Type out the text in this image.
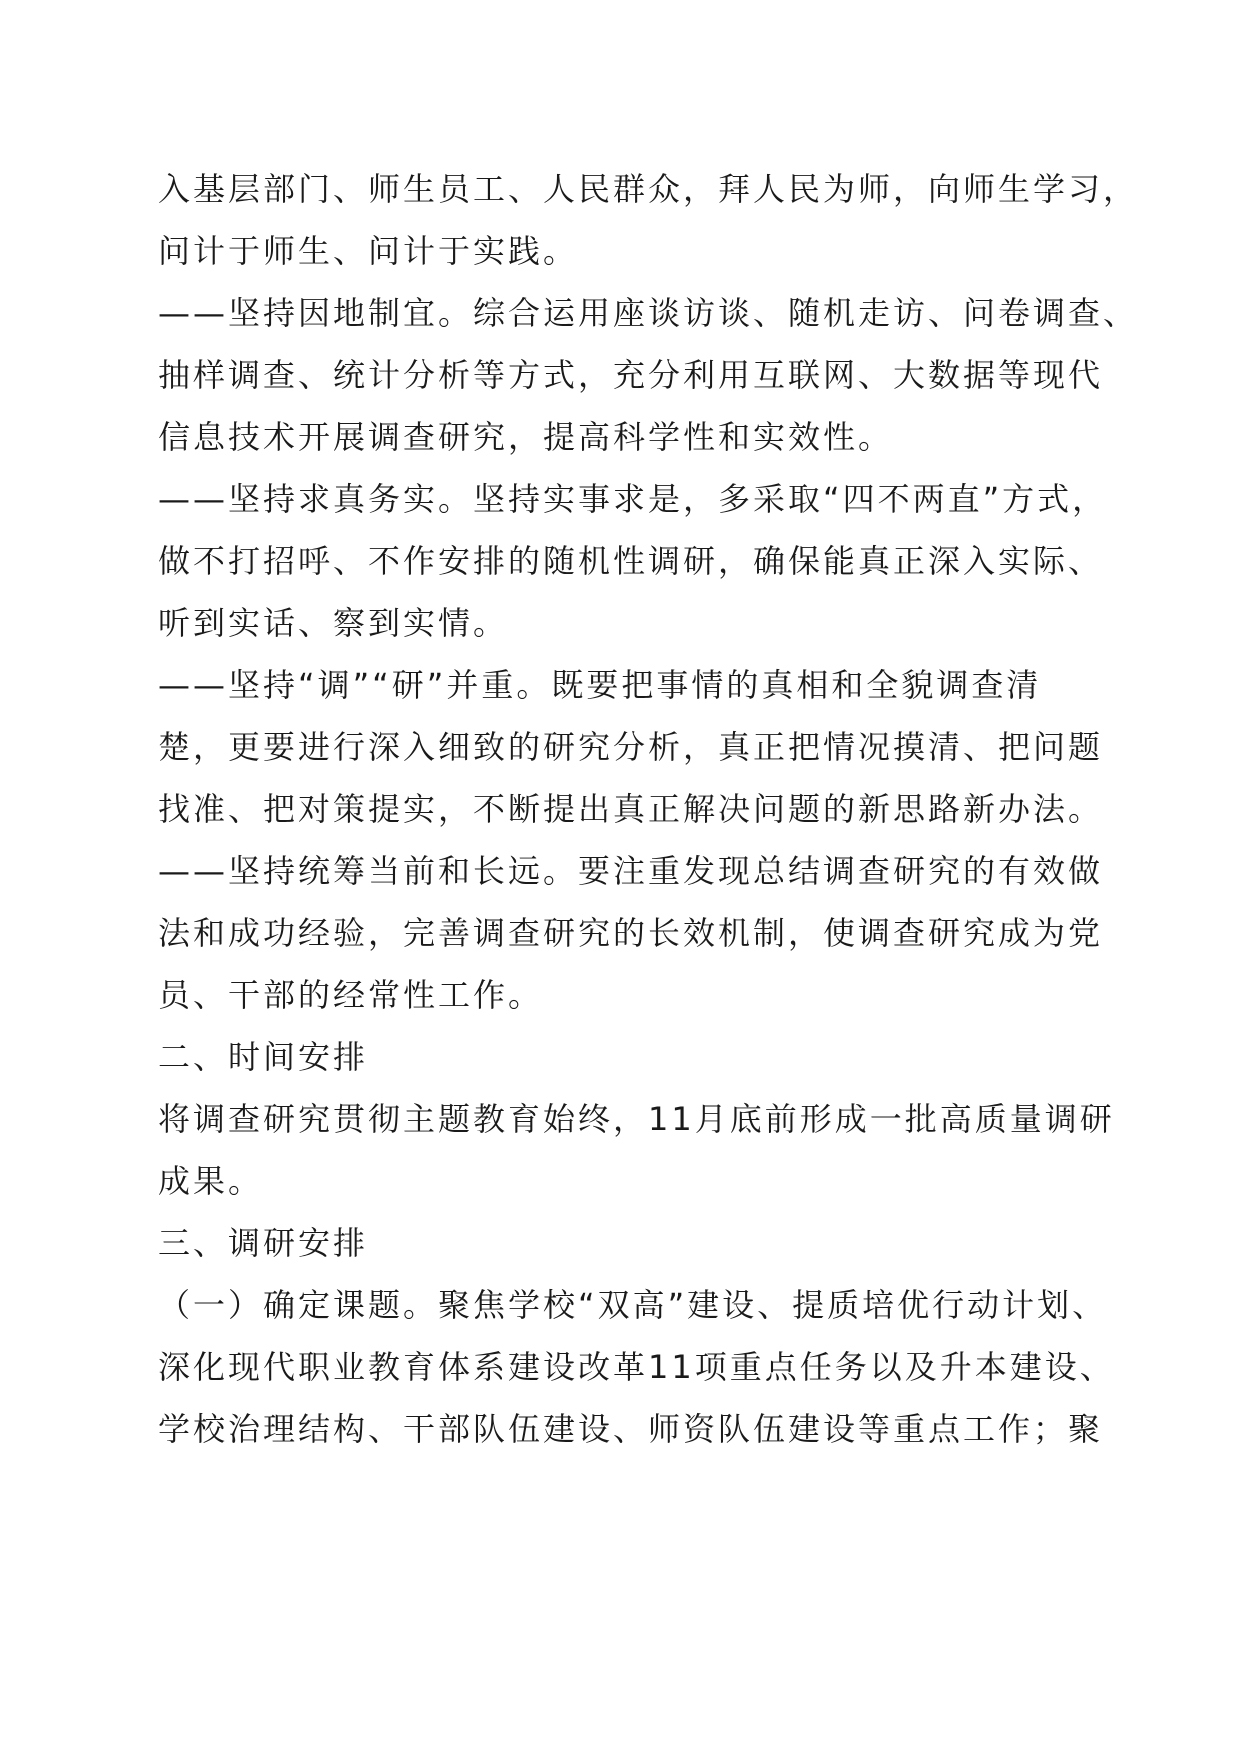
入基层部门、师生员工、人民群众，拜人民为师，向师生学习，

问计于师生、问计于实践。

——坚持因地制宜。综合运用座谈访谈、随机走访、问卷调查、

抽样调查、统计分析等方式，充分利用互联网、大数据等现代

信息技术开展调查研究，提高科学性和实效性。

——坚持求真务实。坚持实事求是，多采取“四不两直”方式，

做不打招呼、不作安排的随机性调研，确保能真正深入实际、

听到实话、察到实情。

——坚持“调”“研”并重。既要把事情的真相和全貌调查清

楚，更要进行深入细致的研究分析，真正把情况摸清、把问题

找准、把对策提实，不断提出真正解决问题的新思路新办法。

——坚持统筹当前和长远。要注重发现总结调查研究的有效做

法和成功经验，完善调查研究的长效机制，使调查研究成为党

员、干部的经常性工作。

二、时间安排

将调查研究贯彻主题教育始终，11月底前形成一批高质量调研

成果。

三、调研安排

（一）确定课题。聚焦学校“双高”建设、提质培优行动计划、

深化现代职业教育体系建设改革11项重点任务以及升本建设、

学校治理结构、干部队伍建设、师资队伍建设等重点工作；聚
